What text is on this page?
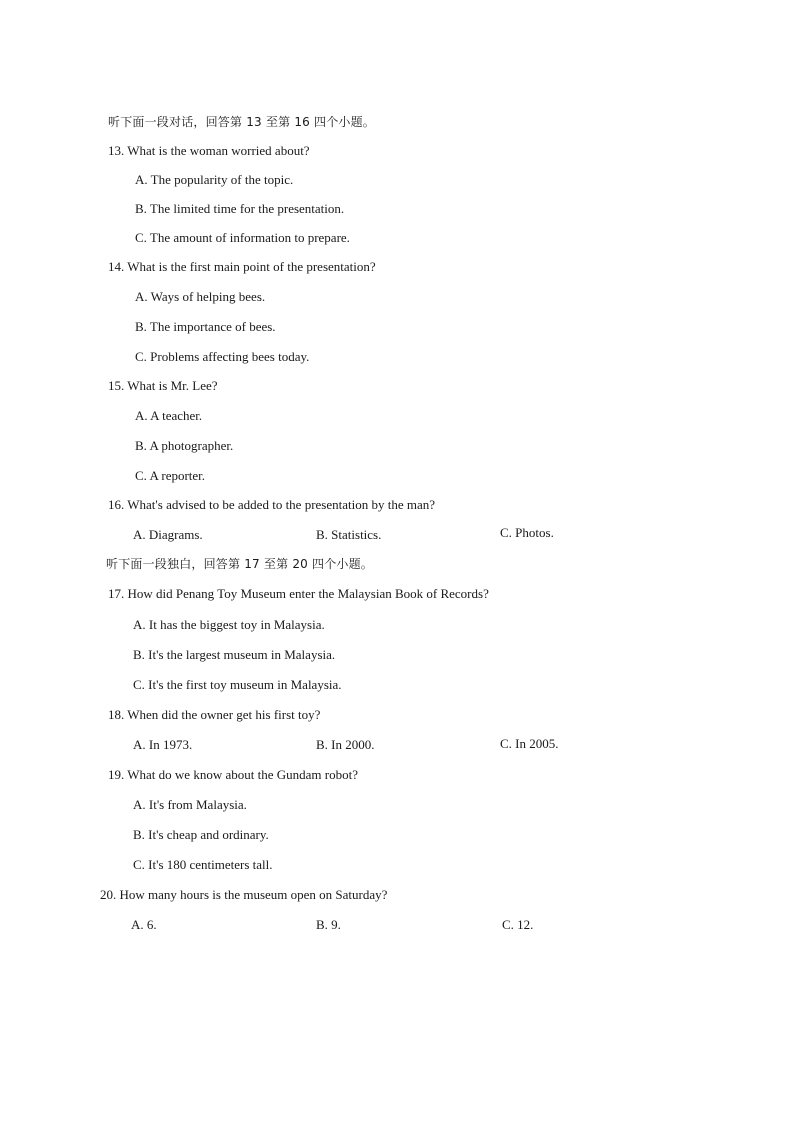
听下面一段对话，回答第 13 至第 16 四个小题。
13. What is the woman worried about?
A. The popularity of the topic.
B. The limited time for the presentation.
C. The amount of information to prepare.
14. What is the first main point of the presentation?
A. Ways of helping bees.
B. The importance of bees.
C. Problems affecting bees today.
15. What is Mr. Lee?
A. A teacher.
B. A photographer.
C. A reporter.
16. What's advised to be added to the presentation by the man?
A. Diagrams.	B. Statistics.	C. Photos.
听下面一段独白，回答第 17 至第 20 四个小题。
17. How did Penang Toy Museum enter the Malaysian Book of Records?
A. It has the biggest toy in Malaysia.
B. It's the largest museum in Malaysia.
C. It's the first toy museum in Malaysia.
18. When did the owner get his first toy?
A. In 1973.	B. In 2000.	C. In 2005.
19. What do we know about the Gundam robot?
A. It's from Malaysia.
B. It's cheap and ordinary.
C. It's 180 centimeters tall.
20. How many hours is the museum open on Saturday?
A. 6.	B. 9.	C. 12.
